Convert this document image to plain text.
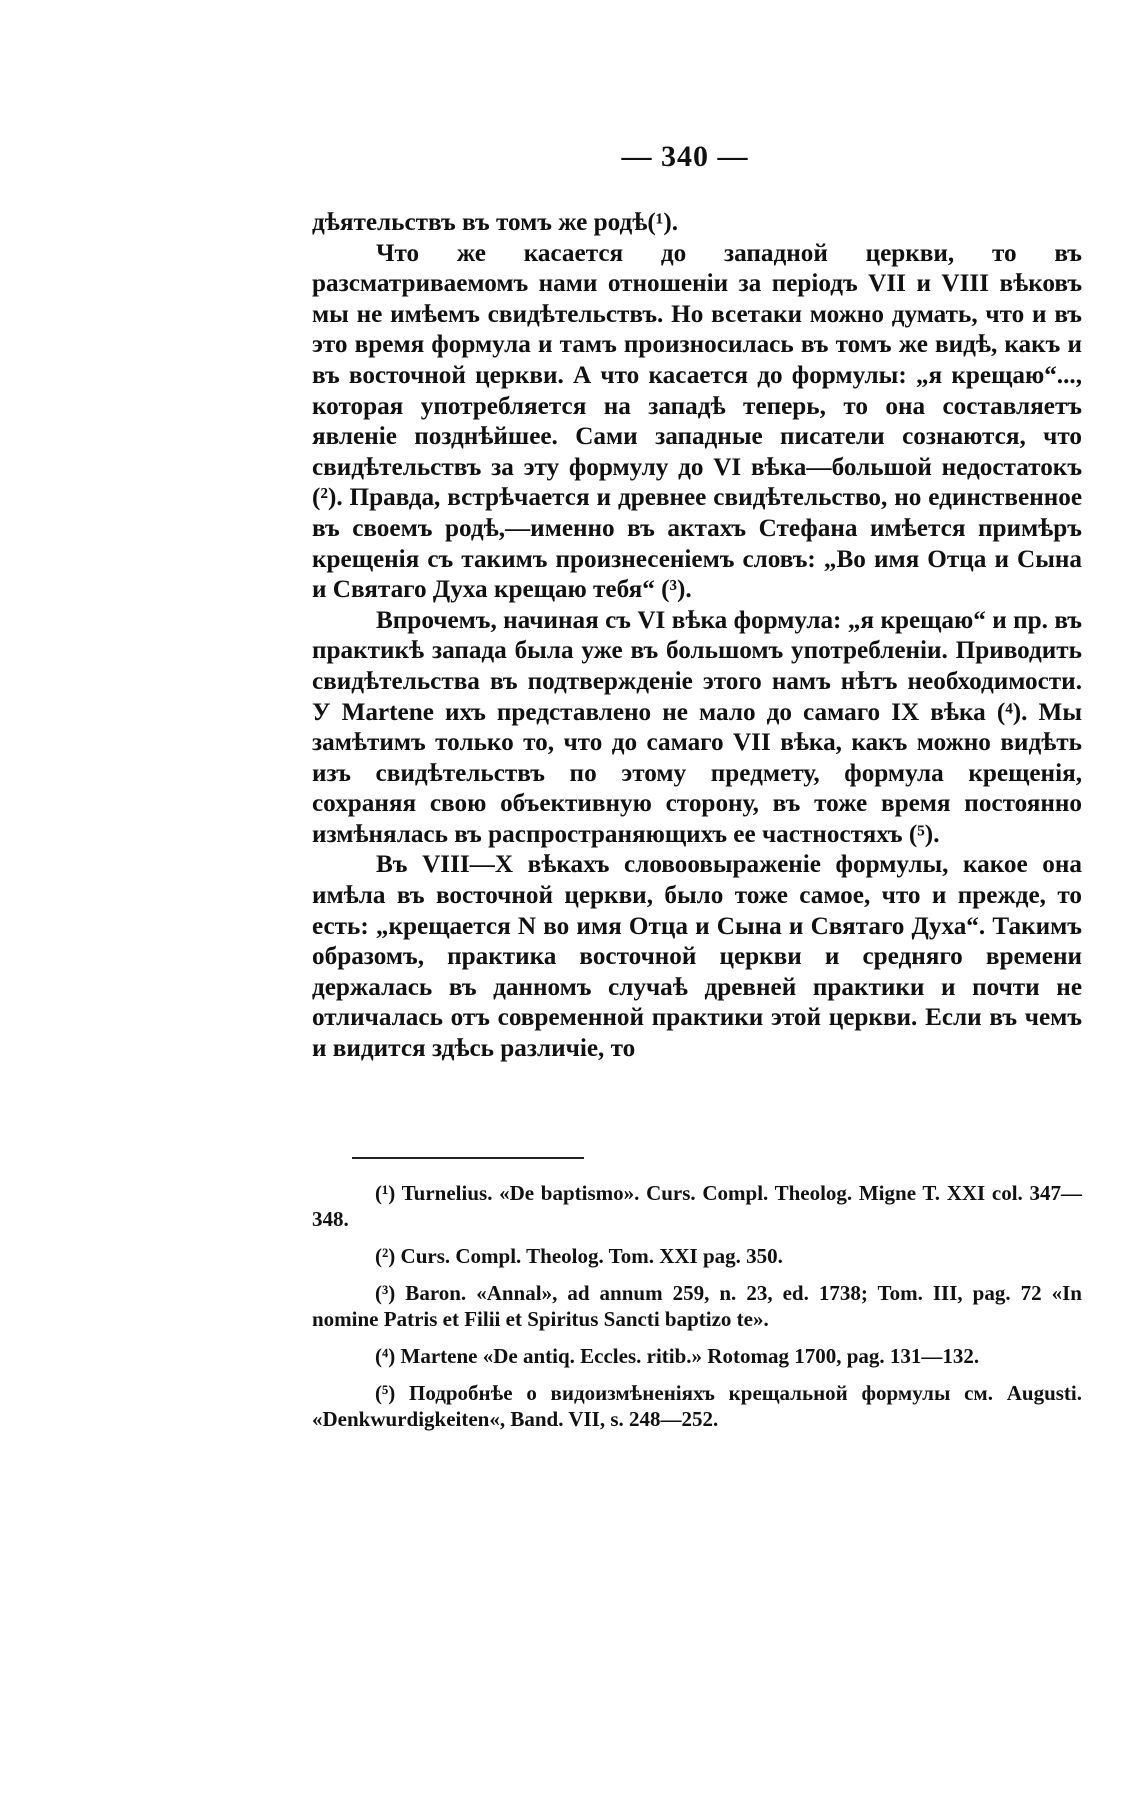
— 340 —

дѣятельствъ въ томъ же родѣ(¹).

Что же касается до западной церкви, то въ разсматриваемомъ нами отношеніи за періодъ VII и VIII вѣковъ мы не имѣемъ свидѣтельствъ. Но всетаки можно думать, что и въ это время формула и тамъ произносилась въ томъ же видѣ, какъ и въ восточной церкви. А что касается до формулы: „я крещаю“..., которая употребляется на западѣ теперь, то она составляетъ явленіе позднѣйшее. Сами западные писатели сознаются, что свидѣтельствъ за эту формулу до VI вѣка—большой недостатокъ (²). Правда, встрѣчается и древнее свидѣтельство, но единственное въ своемъ родѣ,—именно въ актахъ Стефана имѣется примѣръ крещенія съ такимъ произнесеніемъ словъ: „Во имя Отца и Сына и Святаго Духа крещаю тебя“ (³).

Впрочемъ, начиная съ VI вѣка формула: „я крещаю“ и пр. въ практикѣ запада была уже въ большомъ употребленіи. Приводить свидѣтельства въ подтвержденіе этого намъ нѣтъ необходимости. У Martene ихъ представлено не мало до самаго IX вѣка (⁴). Мы замѣтимъ только то, что до самаго VII вѣка, какъ можно видѣть изъ свидѣтельствъ по этому предмету, формула крещенія, сохраняя свою объективную сторону, въ тоже время постоянно измѣнялась въ распространяющихъ ее частностяхъ (⁵).

Въ VIII—X вѣкахъ словоовыраженіе формулы, какое она имѣла въ восточной церкви, было тоже самое, что и прежде, то есть: „крещается N во имя Отца и Сына и Святаго Духа“. Такимъ образомъ, практика восточной церкви и средняго времени держалась въ данномъ случаѣ древней практики и почти не отличалась отъ современной практики этой церкви. Если въ чемъ и видится здѣсь различіе, то

(¹) Turnelius. «De baptismo». Curs. Compl. Theolog. Migne T. XXI col. 347—348.

(²) Curs. Compl. Theolog. Tom. XXI pag. 350.

(³) Baron. «Annal», ad annum 259, n. 23, ed. 1738; Tom. III, pag. 72 «In nomine Patris et Filii et Spiritus Sancti baptizo te».

(⁴) Martene «De antiq. Eccles. ritib.» Rotomag 1700, pag. 131—132.

(⁵) Подробнѣе о видоизмѣненіяхъ крещальной формулы см. Augusti. «Denkwurdigkeiten«, Band. VII, s. 248—252.
